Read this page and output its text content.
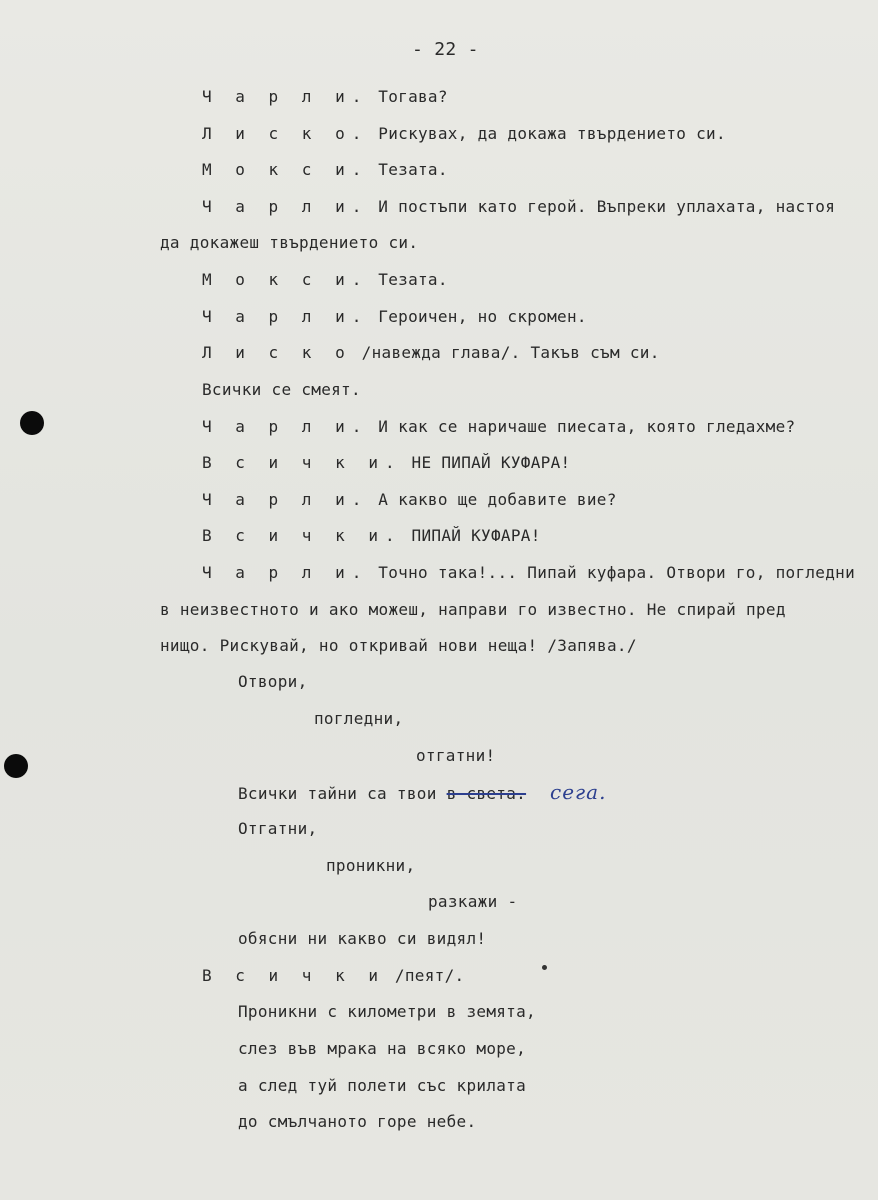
- 22 -
Ч а р л и. Тогава?
Л и с к о. Рискувах, да докажа твърдението си.
М о к с и. Тезата.
Ч а р л и. И постъпи като герой. Въпреки уплахата, настоя
да докажеш твърдението си.
М о к с и. Тезата.
Ч а р л и. Героичен, но скромен.
Л и с к о /навежда глава/. Такъв съм си.
Всички се смеят.
Ч а р л и. И как се наричаше пиесата, която гледахме?
В с и ч к и. НЕ ПИПАЙ КУФАРА!
Ч а р л и. А какво ще добавите вие?
В с и ч к и. ПИПАЙ КУФАРА!
Ч а р л и. Точно така!... Пипай куфара. Отвори го, погледни
в неизвестното и ако можеш, направи го известно. Не спирай пред
нищо. Рискувай, но откривай нови неща! /Запява./
Отвори,
погледни,
отгатни!
Всички тайни са твои в света. сега.
Отгатни,
проникни,
разкажи -
обясни ни какво си видял!
В с и ч к и /пеят/.
Проникни с километри в земята,
слез във мрака на всяко море,
а след туй полети със крилата
до смълчаното горе небе.
